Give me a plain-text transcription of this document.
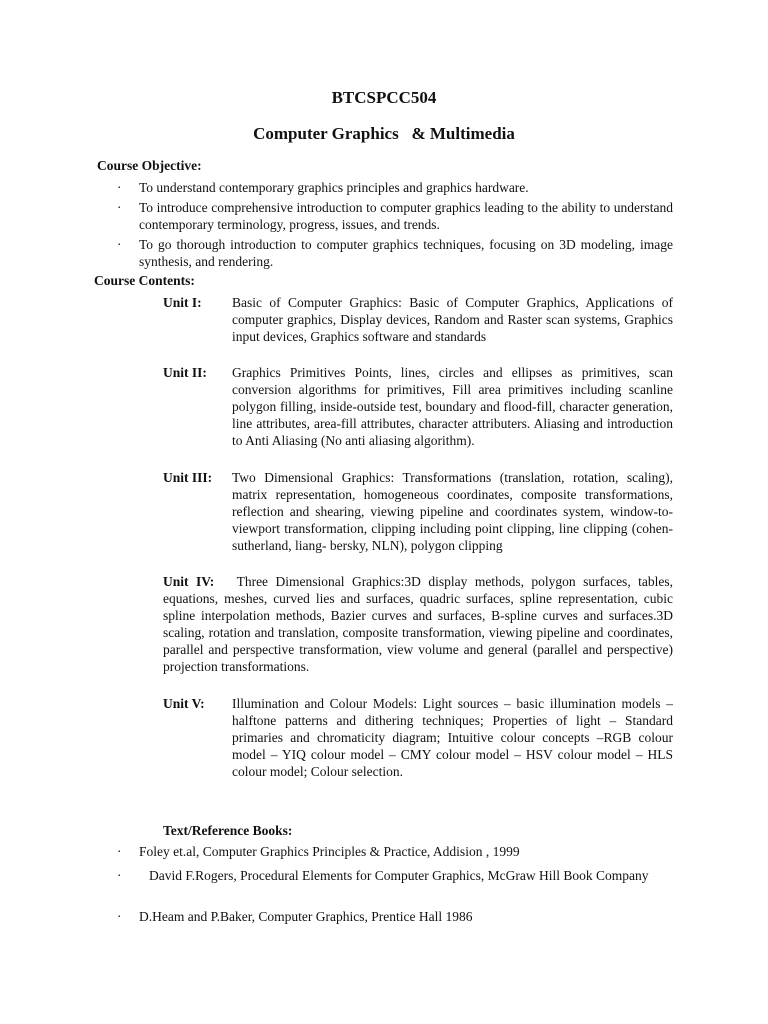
BTCSPCC504
Computer Graphics   & Multimedia
Course Objective:
· To understand contemporary graphics principles and graphics hardware.
· To introduce comprehensive introduction to computer graphics leading to the ability to understand contemporary terminology, progress, issues, and trends.
· To go thorough introduction to computer graphics techniques, focusing on 3D modeling, image synthesis, and rendering.
Course Contents:
Unit I: Basic of Computer Graphics: Basic of Computer Graphics, Applications of computer graphics, Display devices, Random and Raster scan systems, Graphics input devices, Graphics software and standards
Unit II: Graphics Primitives Points, lines, circles and ellipses as primitives, scan conversion algorithms for primitives, Fill area primitives including scanline polygon filling, inside-outside test, boundary and flood-fill, character generation, line attributes, area-fill attributes, character attributers. Aliasing and introduction to Anti Aliasing (No anti aliasing algorithm).
Unit III: Two Dimensional Graphics: Transformations (translation, rotation, scaling), matrix representation, homogeneous coordinates, composite transformations, reflection and shearing, viewing pipeline and coordinates system, window-to-viewport transformation, clipping including point clipping, line clipping (cohen- sutherland, liang- bersky, NLN), polygon clipping
Unit IV: Three Dimensional Graphics:3D display methods, polygon surfaces, tables, equations, meshes, curved lies and surfaces, quadric surfaces, spline representation, cubic spline interpolation methods, Bazier curves and surfaces, B-spline curves and surfaces.3D scaling, rotation and translation, composite transformation, viewing pipeline and coordinates, parallel and perspective transformation, view volume and general (parallel and perspective) projection transformations.
Unit V: Illumination and Colour Models: Light sources – basic illumination models – halftone patterns and dithering techniques; Properties of light – Standard primaries and chromaticity diagram; Intuitive colour concepts –RGB colour model – YIQ colour model – CMY colour model – HSV colour model – HLS colour model; Colour selection.
Text/Reference Books:
· Foley et.al, Computer Graphics Principles & Practice, Addision , 1999
·	David F.Rogers, Procedural Elements for Computer Graphics, McGraw Hill Book Company
· D.Heam and P.Baker, Computer Graphics, Prentice Hall 1986
